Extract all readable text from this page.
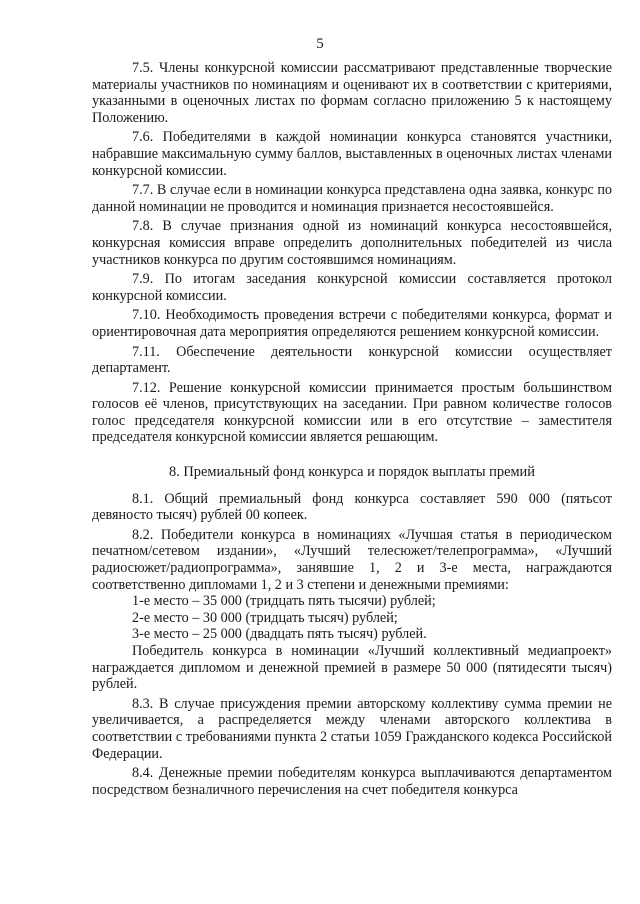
5

7.5. Члены конкурсной комиссии рассматривают представленные творческие материалы участников по номинациям и оценивают их в соответствии с критериями, указанными в оценочных листах по формам согласно приложению 5 к настоящему Положению.

7.6. Победителями в каждой номинации конкурса становятся участники, набравшие максимальную сумму баллов, выставленных в оценочных листах членами конкурсной комиссии.

7.7. В случае если в номинации конкурса представлена одна заявка, конкурс по данной номинации не проводится и номинация признается несостоявшейся.

7.8. В случае признания одной из номинаций конкурса несостоявшейся, конкурсная комиссия вправе определить дополнительных победителей из числа участников конкурса по другим состоявшимся номинациям.

7.9. По итогам заседания конкурсной комиссии составляется протокол конкурсной комиссии.

7.10. Необходимость проведения встречи с победителями конкурса, формат и ориентировочная дата мероприятия определяются решением конкурсной комиссии.

7.11. Обеспечение деятельности конкурсной комиссии осуществляет департамент.

7.12. Решение конкурсной комиссии принимается простым большинством голосов её членов, присутствующих на заседании. При равном количестве голосов голос председателя конкурсной комиссии или в его отсутствие – заместителя председателя конкурсной комиссии является решающим.

8. Премиальный фонд конкурса и порядок выплаты премий

8.1. Общий премиальный фонд конкурса составляет 590 000 (пятьсот девяносто тысяч) рублей 00 копеек.

8.2. Победители конкурса в номинациях «Лучшая статья в периодическом печатном/сетевом издании», «Лучший телесюжет/телепрограмма», «Лучший радиосюжет/радиопрограмма», занявшие 1, 2 и 3-е места, награждаются соответственно дипломами 1, 2 и 3 степени и денежными премиями:

1-е место – 35 000 (тридцать пять тысячи) рублей;

2-е место – 30 000 (тридцать тысяч) рублей;

3-е место – 25 000 (двадцать пять тысяч) рублей.

Победитель конкурса в номинации «Лучший коллективный медиапроект» награждается дипломом и денежной премией в размере 50 000 (пятидесяти тысяч) рублей.

8.3. В случае присуждения премии авторскому коллективу сумма премии не увеличивается, а распределяется между членами авторского коллектива в соответствии с требованиями пункта 2 статьи 1059 Гражданского кодекса Российской Федерации.

8.4. Денежные премии победителям конкурса выплачиваются департаментом посредством безналичного перечисления на счет победителя конкурса
